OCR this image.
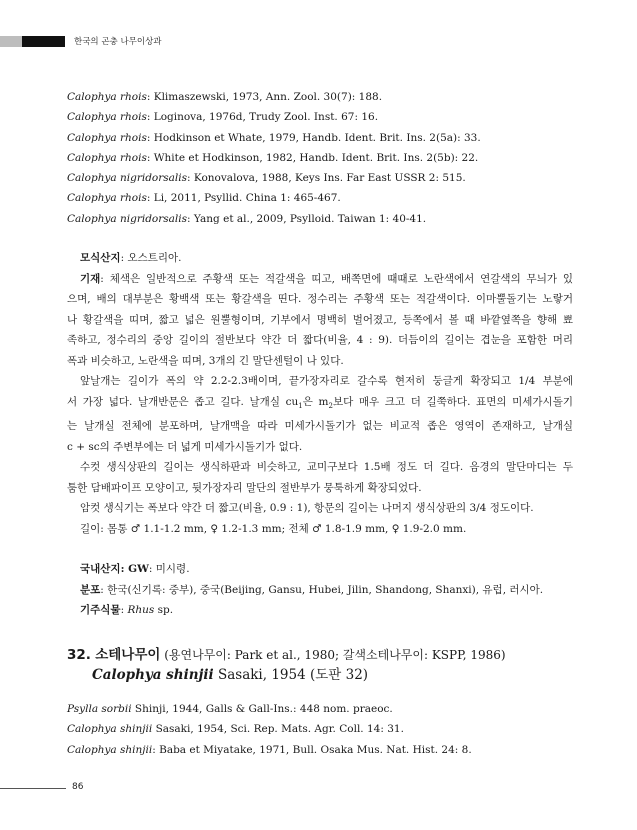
한국의 곤충 나무이상과
Calophya rhois: Klimaszewski, 1973, Ann. Zool. 30(7): 188.
Calophya rhois: Loginova, 1976d, Trudy Zool. Inst. 67: 16.
Calophya rhois: Hodkinson et Whate, 1979, Handb. Ident. Brit. Ins. 2(5a): 33.
Calophya rhois: White et Hodkinson, 1982, Handb. Ident. Brit. Ins. 2(5b): 22.
Calophya nigridorsalis: Konovalova, 1988, Keys Ins. Far East USSR 2: 515.
Calophya rhois: Li, 2011, Psyllid. China 1: 465-467.
Calophya nigridorsalis: Yang et al., 2009, Psylloid. Taiwan 1: 40-41.
모식산지: 오스트리아.
기재: 체색은 일반적으로 주황색 또는 적갈색을 띠고, 배쪽면에 때때로 노란색에서 연갈색의 무늬가 있
으며, 배의 대부분은 황백색 또는 황갈색을 띤다. 정수리는 주황색 또는 적갈색이다. 이마뿔돌기는 노랗거
나 황갈색을 띠며, 짧고 넓은 원뿔형이며, 기부에서 명백히 벌어졌고, 등쪽에서 볼 때 바깥옆쪽을 향해 뾰
족하고, 정수리의 중앙 길이의 절반보다 약간 더 짧다(비율, 4 : 9). 더듬이의 길이는 겹눈을 포함한 머리
폭과 비슷하고, 노란색을 띠며, 3개의 긴 말단센털이 나 있다.
앞날개는 길이가 폭의 약 2.2-2.3배이며, 끝가장자리로 갈수록 현저히 둥글게 확장되고 1/4 부분에
서 가장 넓다. 날개반문은 좁고 길다. 날개실 $cu_1$은 $m_2$보다 매우 크고 더 길쭉하다. 표면의 미세가시돌기
는 날개실 전체에 분포하며, 날개맥을 따라 미세가시돌기가 없는 비교적 좁은 영역이 존재하고, 날개실
c + sc의 주변부에는 더 넓게 미세가시돌기가 없다.
수컷 생식상판의 길이는 생식하판과 비슷하고, 교미구보다 1.5배 정도 더 길다. 음경의 말단마디는 두
툼한 담배파이프 모양이고, 뒷가장자리 말단의 절반부가 뭉툭하게 확장되었다.
암컷 생식기는 폭보다 약간 더 짧고(비율, 0.9 : 1), 항문의 길이는 나머지 생식상판의 3/4 정도이다.
길이: 몸통 ♂ 1.1-1.2 mm, ♀ 1.2-1.3 mm; 전체 ♂ 1.8-1.9 mm, ♀ 1.9-2.0 mm.
국내산지: GW: 미시령.
분포: 한국(신기록: 중부), 중국(Beijing, Gansu, Hubei, Jilin, Shandong, Shanxi), 유럽, 러시아.
기주식물: Rhus sp.
32. 소테나무이 (용연나무이: Park et al., 1980; 갈색소테나무이: KSPP, 1986)
Calophya shinjii Sasaki, 1954 (도판 32)
Psylla sorbii Shinji, 1944, Galls & Gall-Ins.: 448 nom. praeoc.
Calophya shinjii Sasaki, 1954, Sci. Rep. Mats. Agr. Coll. 14: 31.
Calophya shinjii: Baba et Miyatake, 1971, Bull. Osaka Mus. Nat. Hist. 24: 8.
86
